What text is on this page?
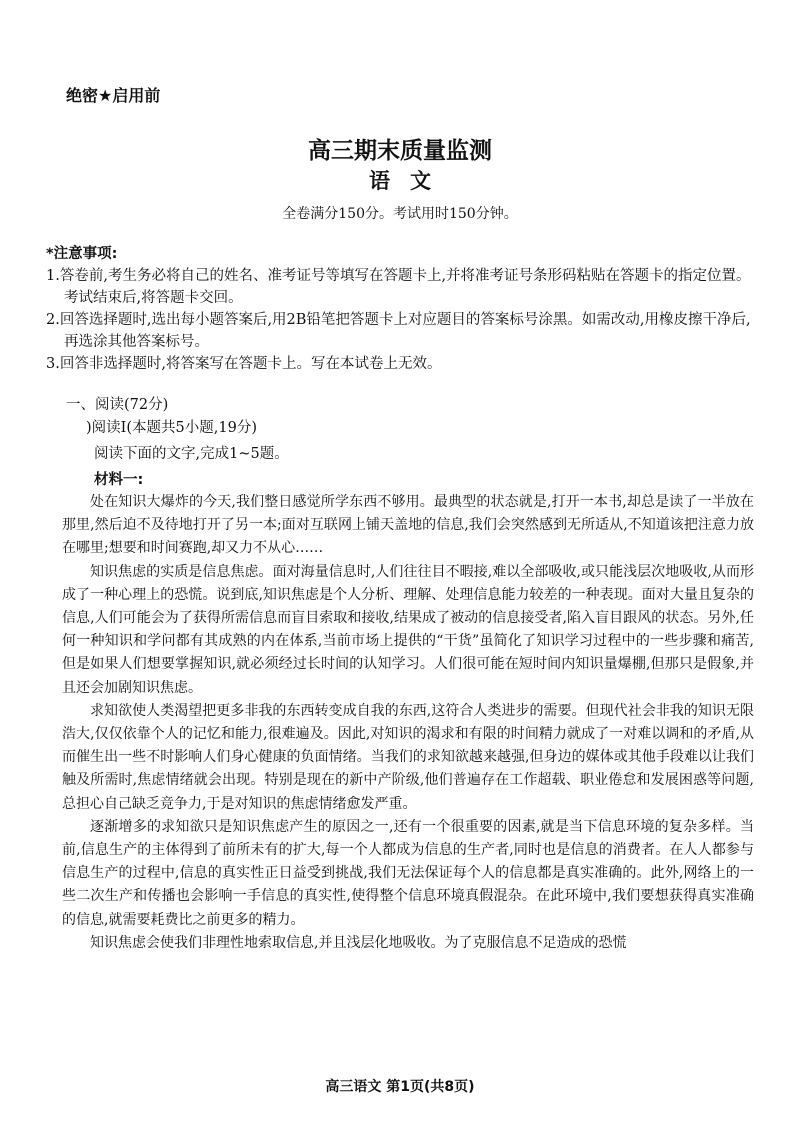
绝密★启用前
高三期末质量监测
语文
全卷满分150分。考试用时150分钟。
*注意事项:
1.答卷前,考生务必将自己的姓名、准考证号等填写在答题卡上,并将准考证号条形码粘贴在答题卡的指定位置。考试结束后,将答题卡交回。
2.回答选择题时,选出每小题答案后,用2B铅笔把答题卡上对应题目的答案标号涂黑。如需改动,用橡皮擦干净后,再选涂其他答案标号。
3.回答非选择题时,将答案写在答题卡上。写在本试卷上无效。
一、阅读(72分)
)阅读I(本题共5小题,19分)
阅读下面的文字,完成1~5题。
材料一:

处在知识大爆炸的今天,我们整日感觉所学东西不够用。最典型的状态就是,打开一本书,却总是读了一半放在那里,然后迫不及待地打开了另一本;面对互联网上铺天盖地的信息,我们会突然感到无所适从,不知道该把注意力放在哪里;想要和时间赛跑,却又力不从心……

知识焦虑的实质是信息焦虑。面对海量信息时,人们往往目不暇接,难以全部吸收,或只能浅层次地吸收,从而形成了一种心理上的恐慌。说到底,知识焦虑是个人分析、理解、处理信息能力较差的一种表现。面对大量且复杂的信息,人们可能会为了获得所需信息而盲目索取和接收,结果成了被动的信息接受者,陷入盲目跟风的状态。另外,任何一种知识和学问都有其成熟的内在体系,当前市场上提供的“干货”虽简化了知识学习过程中的一些步骤和痛苦,但是如果人们想要掌握知识,就必须经过长时间的认知学习。人们很可能在短时间内知识量爆棚,但那只是假象,并且还会加剧知识焦虑。

求知欲使人类渴望把更多非我的东西转变成自我的东西,这符合人类进步的需要。但现代社会非我的知识无限浩大,仅仅依靠个人的记忆和能力,很难遍及。因此,对知识的渴求和有限的时间精力就成了一对难以调和的矛盾,从而催生出一些不时影响人们身心健康的负面情绪。当我们的求知欲越来越强,但身边的媒体或其他手段难以让我们触及所需时,焦虑情绪就会出现。特别是现在的新中产阶级,他们普遍存在工作超载、职业倦怠和发展困惑等问题,总担心自己缺乏竞争力,于是对知识的焦虑情绪愈发严重。

逐渐增多的求知欲只是知识焦虑产生的原因之一,还有一个很重要的因素,就是当下信息环境的复杂多样。当前,信息生产的主体得到了前所未有的扩大,每一个人都成为信息的生产者,同时也是信息的消费者。在人人都参与信息生产的过程中,信息的真实性正日益受到挑战,我们无法保证每个人的信息都是真实准确的。此外,网络上的一些二次生产和传播也会影响一手信息的真实性,使得整个信息环境真假混杂。在此环境中,我们要想获得真实准确的信息,就需要耗费比之前更多的精力。

知识焦虑会使我们非理性地索取信息,并且浅层化地吸收。为了克服信息不足造成的恐慌

高三语文 第1页(共8页)
